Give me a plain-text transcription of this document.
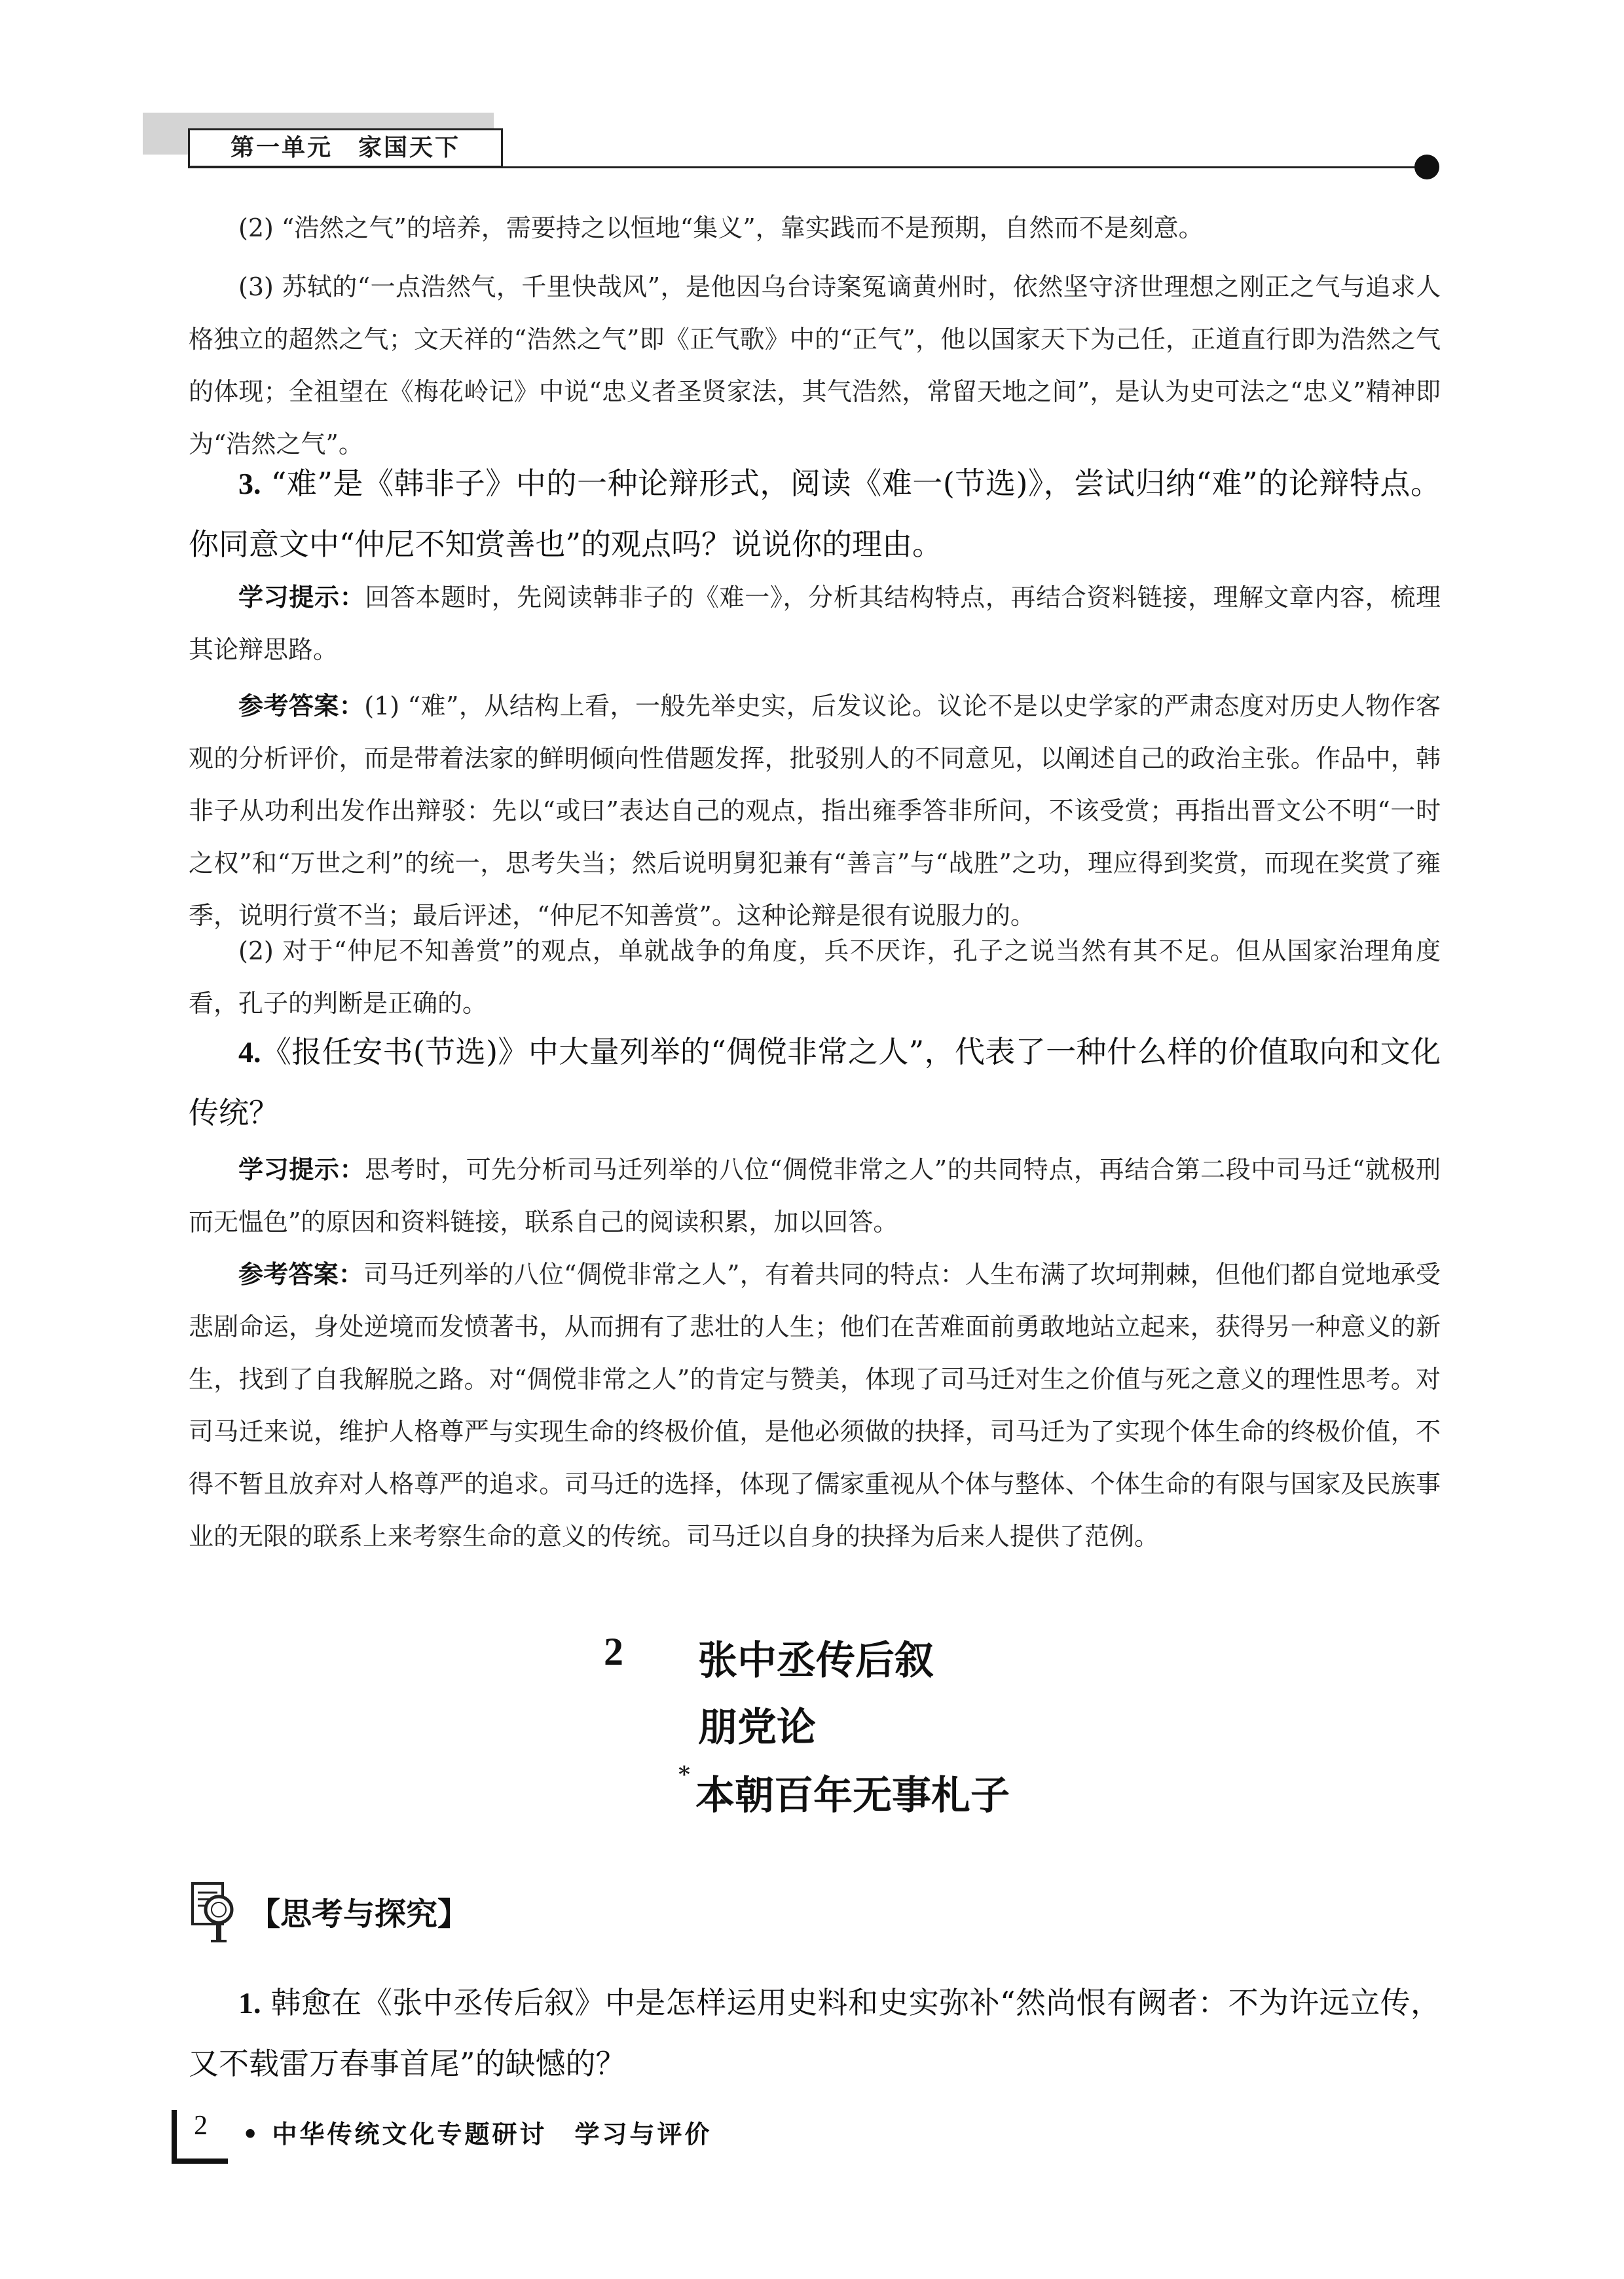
第一单元　家国天下
(2) “浩然之气”的培养，需要持之以恒地“集义”，靠实践而不是预期，自然而不是刻意。
(3) 苏轼的“一点浩然气，千里快哉风”，是他因乌台诗案冤谪黄州时，依然坚守济世理想之刚正之气与追求人格独立的超然之气；文天祥的“浩然之气”即《正气歌》中的“正气”，他以国家天下为己任，正道直行即为浩然之气的体现；全祖望在《梅花岭记》中说“忠义者圣贤家法，其气浩然，常留天地之间”，是认为史可法之“忠义”精神即为“浩然之气”。
3. “难”是《韩非子》中的一种论辩形式，阅读《难一(节选)》，尝试归纳“难”的论辩特点。你同意文中“仲尼不知赏善也”的观点吗？说说你的理由。
学习提示：回答本题时，先阅读韩非子的《难一》，分析其结构特点，再结合资料链接，理解文章内容，梳理其论辩思路。
参考答案：(1) “难”，从结构上看，一般先举史实，后发议论。议论不是以史学家的严肃态度对历史人物作客观的分析评价，而是带着法家的鲜明倾向性借题发挥，批驳别人的不同意见，以阐述自己的政治主张。作品中，韩非子从功利出发作出辩驳：先以“或曰”表达自己的观点，指出雍季答非所问，不该受赏；再指出晋文公不明“一时之权”和“万世之利”的统一，思考失当；然后说明舅犯兼有“善言”与“战胜”之功，理应得到奖赏，而现在奖赏了雍季，说明行赏不当；最后评述，“仲尼不知善赏”。这种论辩是很有说服力的。
(2) 对于“仲尼不知善赏”的观点，单就战争的角度，兵不厌诈，孔子之说当然有其不足。但从国家治理角度看，孔子的判断是正确的。
4.《报任安书(节选)》中大量列举的“倜傥非常之人”，代表了一种什么样的价值取向和文化传统？
学习提示：思考时，可先分析司马迁列举的八位“倜傥非常之人”的共同特点，再结合第二段中司马迁“就极刑而无愠色”的原因和资料链接，联系自己的阅读积累，加以回答。
参考答案：司马迁列举的八位“倜傥非常之人”，有着共同的特点：人生布满了坎坷荆棘，但他们都自觉地承受悲剧命运，身处逆境而发愤著书，从而拥有了悲壮的人生；他们在苦难面前勇敢地站立起来，获得另一种意义的新生，找到了自我解脱之路。对“倜傥非常之人”的肯定与赞美，体现了司马迁对生之价值与死之意义的理性思考。对司马迁来说，维护人格尊严与实现生命的终极价值，是他必须做的抉择，司马迁为了实现个体生命的终极价值，不得不暂且放弃对人格尊严的追求。司马迁的选择，体现了儒家重视从个体与整体、个体生命的有限与国家及民族事业的无限的联系上来考察生命的意义的传统。司马迁以自身的抉择为后来人提供了范例。
2 张中丞传后叙
朋党论
* 本朝百年无事札子
【思考与探究】
1. 韩愈在《张中丞传后叙》中是怎样运用史料和史实弥补“然尚恨有阙者：不为许远立传，又不载雷万春事首尾”的缺憾的？
2 • 中华传统文化专题研讨　学习与评价
